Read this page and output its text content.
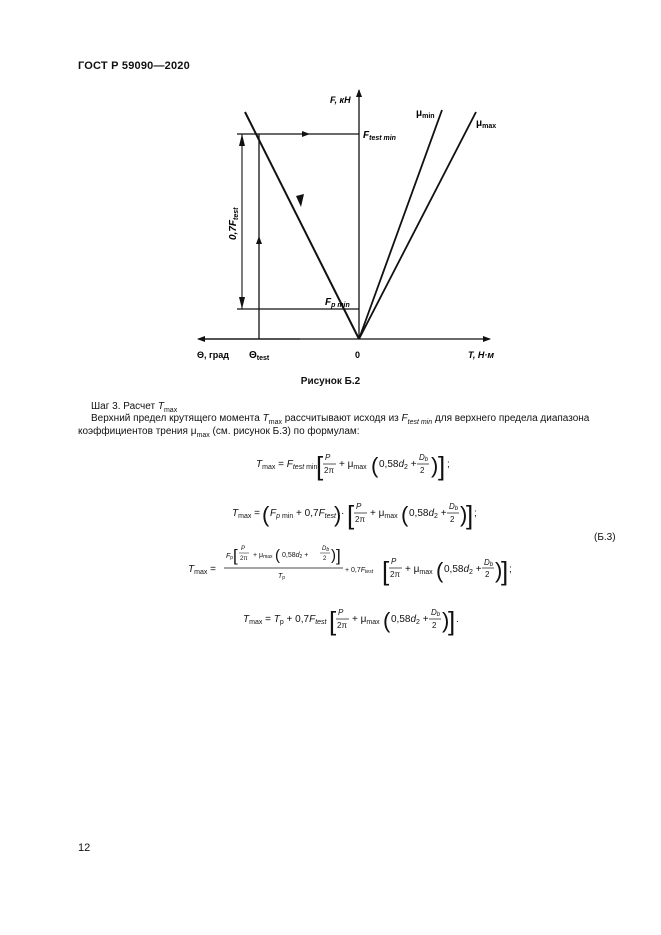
ГОСТ Р 59090—2020
F, кН
$\mu_{min}$
$\mu_{max}$
$F_{test min}$
$F_{p min}$
$0,7F_{test}$
Θ, град $\Theta_{test}$	0	T, Н·м
Рисунок Б.2
Шаг 3. Расчет $T_{max}$
Верхний предел крутящего момента $T_{max}$ рассчитывают исходя из $F_{test min}$ для верхнего предела диапазона
коэффициентов трения $\mu_{max}$ (см. рисунок Б.3) по формулам:
$T_{max} = F_{test}$ min
[ P
2π
+ $\mu_{max}$ ( $0,58d_2$ +
Db
2 ) ] ;
$T_{max}$ = ( $F_p$ $\min + 0,7F_{test}$
) · [ P
2π
+ $\mu_{max}$ ( $0,58d_2$ +
Db
2 )
] ;
$T_{max}$ =
Fp [ P
2π + μmax ( 0,58d2 +
Db
2 ) ]
Tp
+ 0,7Ftest [ P
$2\pi + \mu_{max}$ ( $0,58d_2$ +
Db
2 )
] ;
$T_{max} = T_p + 0,7F_{test}$ [ P
2π
+ $\mu_{max}$ ( $0,58d_2$ +
Db
2 )
] .
(Б.3)
12
